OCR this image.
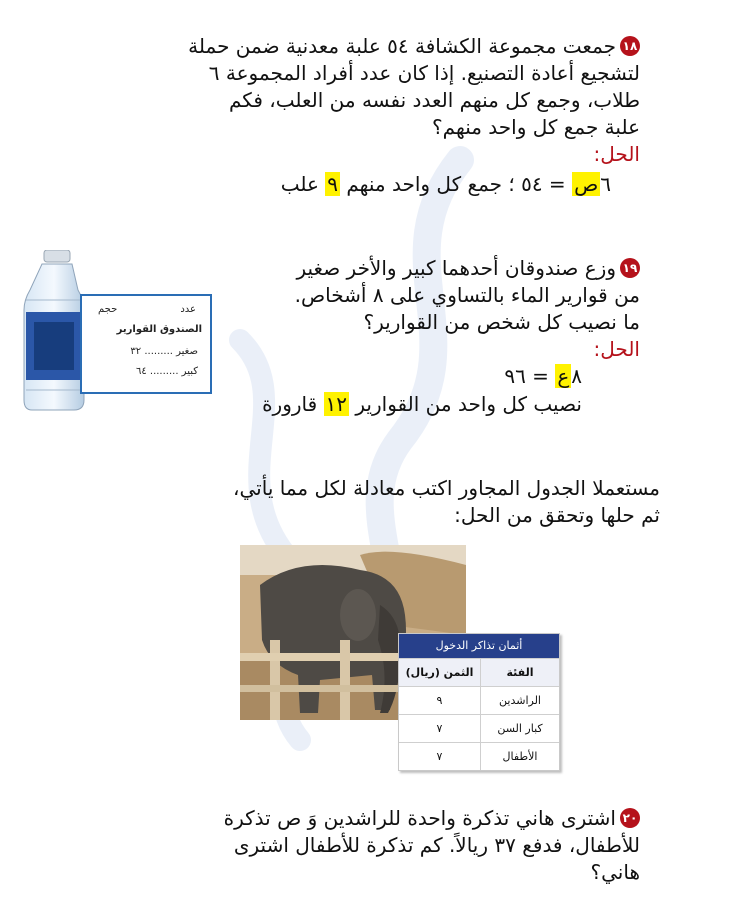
١٨
جمعت مجموعة الكشافة ٥٤ علبة معدنية ضمن حملة
لتشجيع أعادة التصنيع. إذا كان عدد أفراد المجموعة ٦
طلاب، وجمع كل منهم العدد نفسه من العلب، فكم
علبة جمع كل واحد منهم؟
الحل:
٦ص = ٥٤ ؛ جمع كل واحد منهم ٩ علب
عدد
حجم
الصندوق القوارير
صغير ......... ٣٢
كبير ......... ٦٤
١٩
وزع صندوقان أحدهما كبير والأخر صغير
من قوارير الماء بالتساوي على ٨ أشخاص.
ما نصيب كل شخص من القوارير؟
الحل:
٨ع = ٩٦
نصيب كل واحد من القوارير ١٢ قارورة
مستعملا الجدول المجاور اكتب معادلة لكل مما يأتي،
ثم حلها وتحقق من الحل:
أثمان تذاكر الدخول
الفئة
الثمن (ريال)
الراشدين
٩
كبار السن
٧
الأطفال
٧
٢٠
اشترى هاني تذكرة واحدة للراشدين وَ ص تذكرة
للأطفال، فدفع ٣٧ ريالاً. كم تذكرة للأطفال اشترى
هاني؟
